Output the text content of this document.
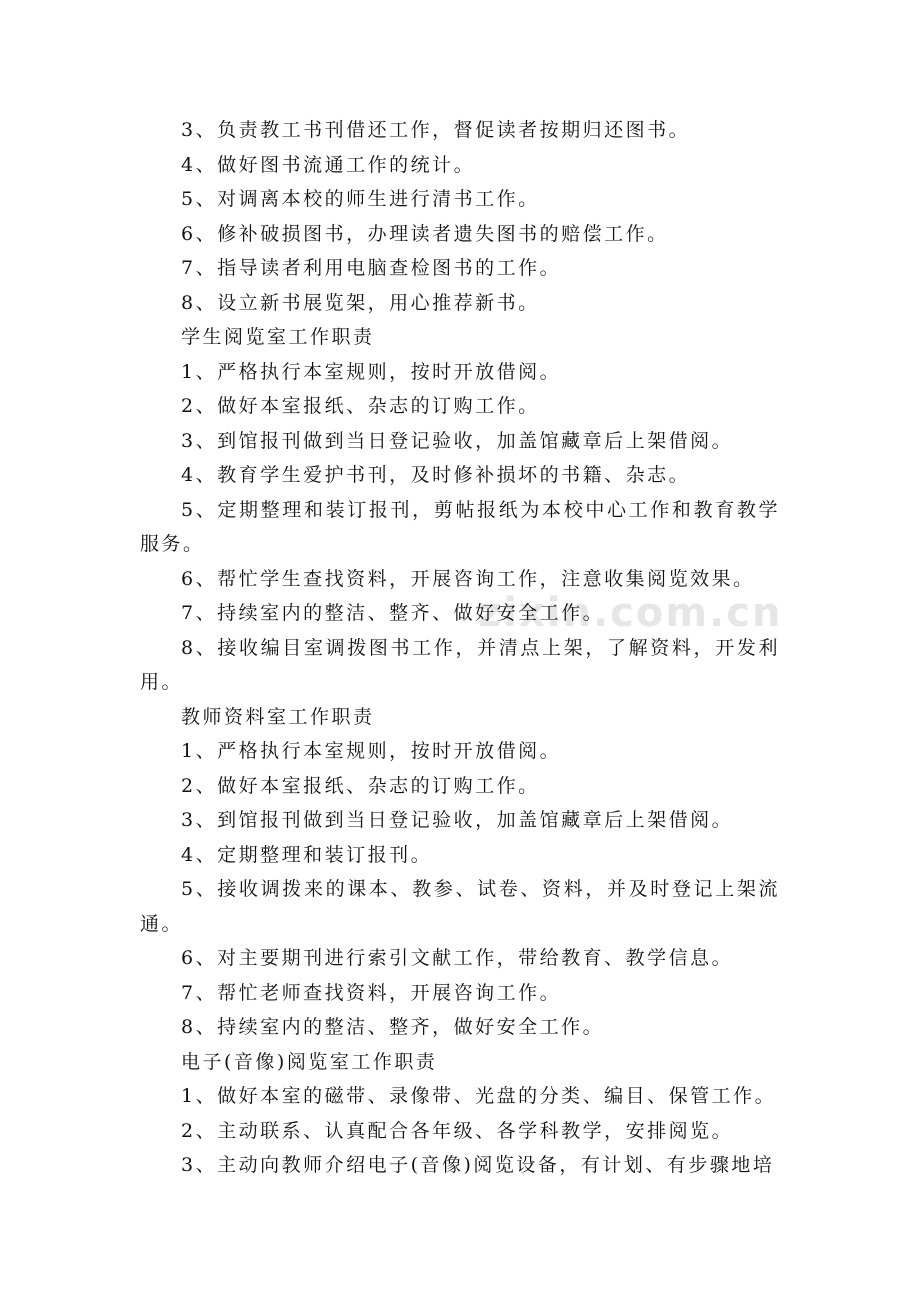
zixin.com.cn

3、负责教工书刊借还工作，督促读者按期归还图书。

4、做好图书流通工作的统计。

5、对调离本校的师生进行清书工作。

6、修补破损图书，办理读者遗失图书的赔偿工作。

7、指导读者利用电脑查检图书的工作。

8、设立新书展览架，用心推荐新书。

学生阅览室工作职责

1、严格执行本室规则，按时开放借阅。

2、做好本室报纸、杂志的订购工作。

3、到馆报刊做到当日登记验收，加盖馆藏章后上架借阅。

4、教育学生爱护书刊，及时修补损坏的书籍、杂志。

5、定期整理和装订报刊，剪帖报纸为本校中心工作和教育教学服务。

6、帮忙学生查找资料，开展咨询工作，注意收集阅览效果。

7、持续室内的整洁、整齐、做好安全工作。

8、接收编目室调拨图书工作，并清点上架，了解资料，开发利用。

教师资料室工作职责

1、严格执行本室规则，按时开放借阅。

2、做好本室报纸、杂志的订购工作。

3、到馆报刊做到当日登记验收，加盖馆藏章后上架借阅。

4、定期整理和装订报刊。

5、接收调拨来的课本、教参、试卷、资料，并及时登记上架流通。

6、对主要期刊进行索引文献工作，带给教育、教学信息。

7、帮忙老师查找资料，开展咨询工作。

8、持续室内的整洁、整齐，做好安全工作。

电子(音像)阅览室工作职责

1、做好本室的磁带、录像带、光盘的分类、编目、保管工作。

2、主动联系、认真配合各年级、各学科教学，安排阅览。

3、主动向教师介绍电子(音像)阅览设备，有计划、有步骤地培
